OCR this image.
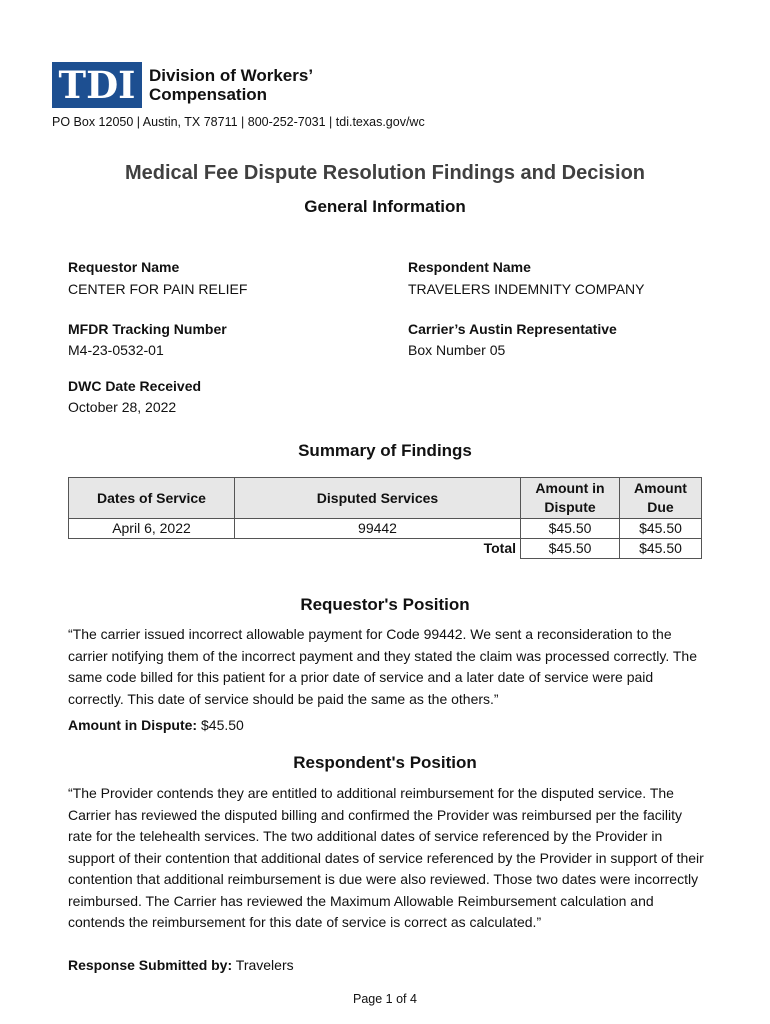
TDI Division of Workers’
Compensation
PO Box 12050 | Austin, TX 78711 | 800-252-7031 | tdi.texas.gov/wc
Medical Fee Dispute Resolution Findings and Decision
General Information
Requestor Name
CENTER FOR PAIN RELIEF
Respondent Name
TRAVELERS INDEMNITY COMPANY
MFDR Tracking Number
M4-23-0532-01
Carrier’s Austin Representative
Box Number 05
DWC Date Received
October 28, 2022
Summary of Findings
Dates of Service	Disputed Services	Amount in Dispute	Amount Due
April 6, 2022	99442	$45.50	$45.50
	Total	$45.50	$45.50
Requestor's Position
“The carrier issued incorrect allowable payment for Code 99442. We sent a reconsideration to the carrier notifying them of the incorrect payment and they stated the claim was processed correctly. The same code billed for this patient for a prior date of service and a later date of service were paid correctly. This date of service should be paid the same as the others.”
Amount in Dispute: $45.50
Respondent's Position
“The Provider contends they are entitled to additional reimbursement for the disputed service. The Carrier has reviewed the disputed billing and confirmed the Provider was reimbursed per the facility rate for the telehealth services. The two additional dates of service referenced by the Provider in support of their contention that additional dates of service referenced by the Provider in support of their contention that additional reimbursement is due were also reviewed. Those two dates were incorrectly reimbursed. The Carrier has reviewed the Maximum Allowable Reimbursement calculation and contends the reimbursement for this date of service is correct as calculated.”
Response Submitted by: Travelers
Page 1 of 4
